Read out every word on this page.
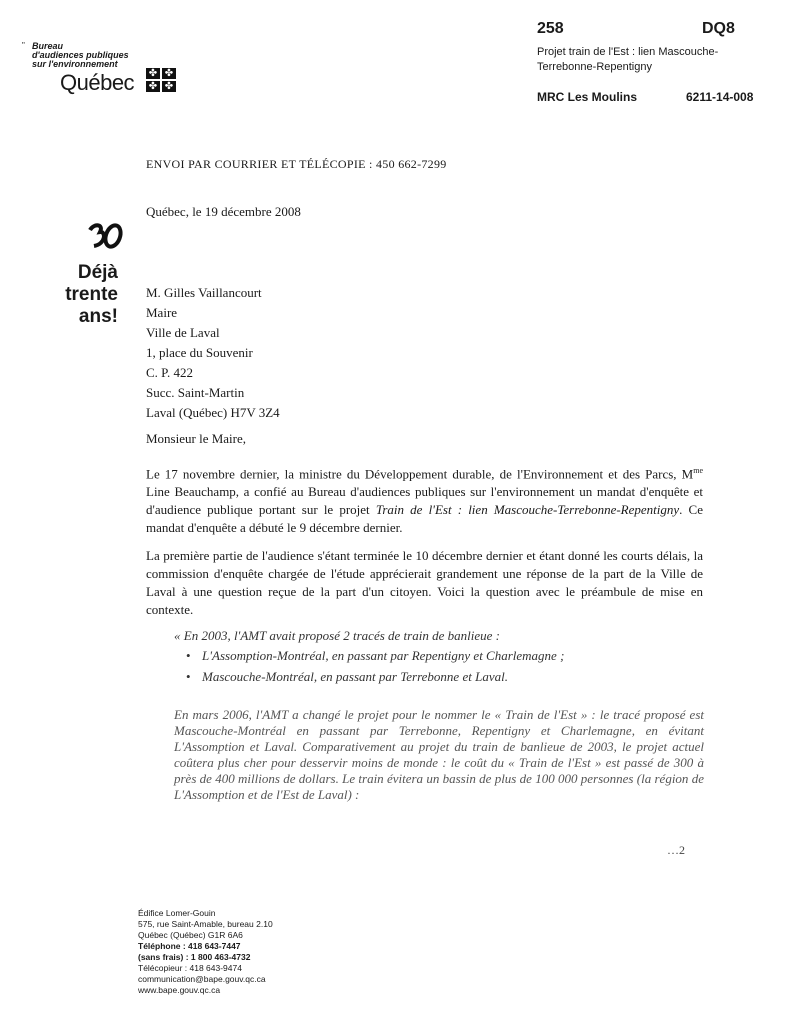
" Bureau
d'audiences publiques
sur l'environnement
Québec ✤ ✤
✤ ✤
258	DQ8
Projet train de l'Est : lien Mascouche-
Terrebonne-Repentigny
MRC Les Moulins	6211-14-008
30
Déjà
trente
ans!
ENVOI PAR COURRIER ET TÉLÉCOPIE : 450 662-7299
Québec, le 19 décembre 2008
M. Gilles Vaillancourt
Maire
Ville de Laval
1, place du Souvenir
C. P. 422
Succ. Saint-Martin
Laval (Québec) H7V 3Z4
Monsieur le Maire,
Le 17 novembre dernier, la ministre du Développement durable, de l'Environnement et des Parcs, $M^{me}$ Line Beauchamp, a confié au Bureau d'audiences publiques sur l'environnement un mandat d'enquête et d'audience publique portant sur le projet Train de l'Est : lien Mascouche-Terrebonne-Repentigny. Ce mandat d'enquête a débuté le 9 décembre dernier.
La première partie de l'audience s'étant terminée le 10 décembre dernier et étant donné les courts délais, la commission d'enquête chargée de l'étude apprécierait grandement une réponse de la part de la Ville de Laval à une question reçue de la part d'un citoyen. Voici la question avec le préambule de mise en contexte.
« En 2003, l'AMT avait proposé 2 tracés de train de banlieue :
• L'Assomption-Montréal, en passant par Repentigny et Charlemagne ;
• Mascouche-Montréal, en passant par Terrebonne et Laval.
En mars 2006, l'AMT a changé le projet pour le nommer le « Train de l'Est » : le tracé proposé est Mascouche-Montréal en passant par Terrebonne, Repentigny et Charlemagne, en évitant L'Assomption et Laval. Comparativement au projet du train de banlieue de 2003, le projet actuel coûtera plus cher pour desservir moins de monde : le coût du « Train de l'Est » est passé de 300 à près de 400 millions de dollars. Le train évitera un bassin de plus de 100 000 personnes (la région de L'Assomption et de l'Est de Laval) :
…2
Édifice Lomer-Gouin
575, rue Saint-Amable, bureau 2.10
Québec (Québec) G1R 6A6
Téléphone : 418 643-7447
(sans frais) : 1 800 463-4732
Télécopieur : 418 643-9474
communication@bape.gouv.qc.ca
www.bape.gouv.qc.ca
